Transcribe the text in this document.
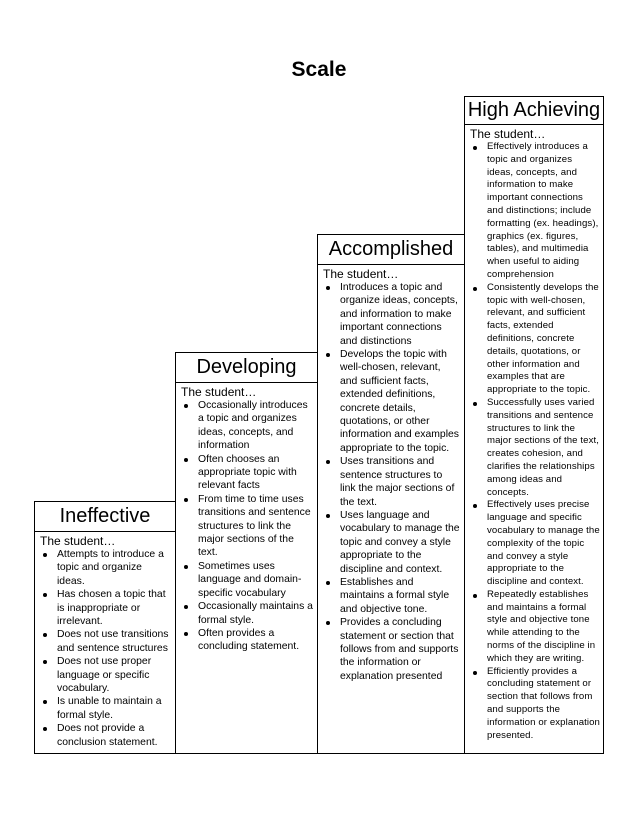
Scale
Ineffective
The student…
Attempts to introduce a topic and organize ideas.
Has chosen a topic that is inappropriate or irrelevant.
Does not use transitions and sentence structures
Does not use proper language or specific vocabulary.
Is unable to maintain a formal style.
Does not provide a conclusion statement.
Developing
The student…
Occasionally introduces a topic and organizes ideas, concepts, and information
Often chooses an appropriate topic with relevant facts
From time to time uses transitions and sentence structures to link the major sections of the text.
Sometimes uses language and domain-specific vocabulary
Occasionally maintains a formal style.
Often provides a concluding statement.
Accomplished
The student…
Introduces a topic and organize ideas, concepts, and information to make important connections and distinctions
Develops the topic with well-chosen, relevant, and sufficient facts, extended definitions, concrete details, quotations, or other information and examples appropriate to the topic.
Uses transitions and sentence structures to link the major sections of the text.
Uses language and vocabulary to manage the topic and convey a style appropriate to the discipline and context.
Establishes and maintains a formal style and objective tone.
Provides a concluding statement or section that follows from and supports the information or explanation presented
High Achieving
The student…
Effectively introduces a topic and organizes ideas, concepts, and information to make important connections and distinctions; include formatting (ex. headings), graphics (ex. figures, tables), and multimedia when useful to aiding comprehension
Consistently develops the topic with well-chosen, relevant, and sufficient facts, extended definitions, concrete details, quotations, or other information and examples that are appropriate to the topic.
Successfully uses varied transitions and sentence structures to link the major sections of the text, creates cohesion, and clarifies the relationships among ideas and concepts.
Effectively uses precise language and specific vocabulary to manage the complexity of the topic and convey a style appropriate to the discipline and context.
Repeatedly establishes and maintains a formal style and objective tone while attending to the norms of the discipline in which they are writing.
Efficiently provides a concluding statement or section that follows from and supports the information or explanation presented.
